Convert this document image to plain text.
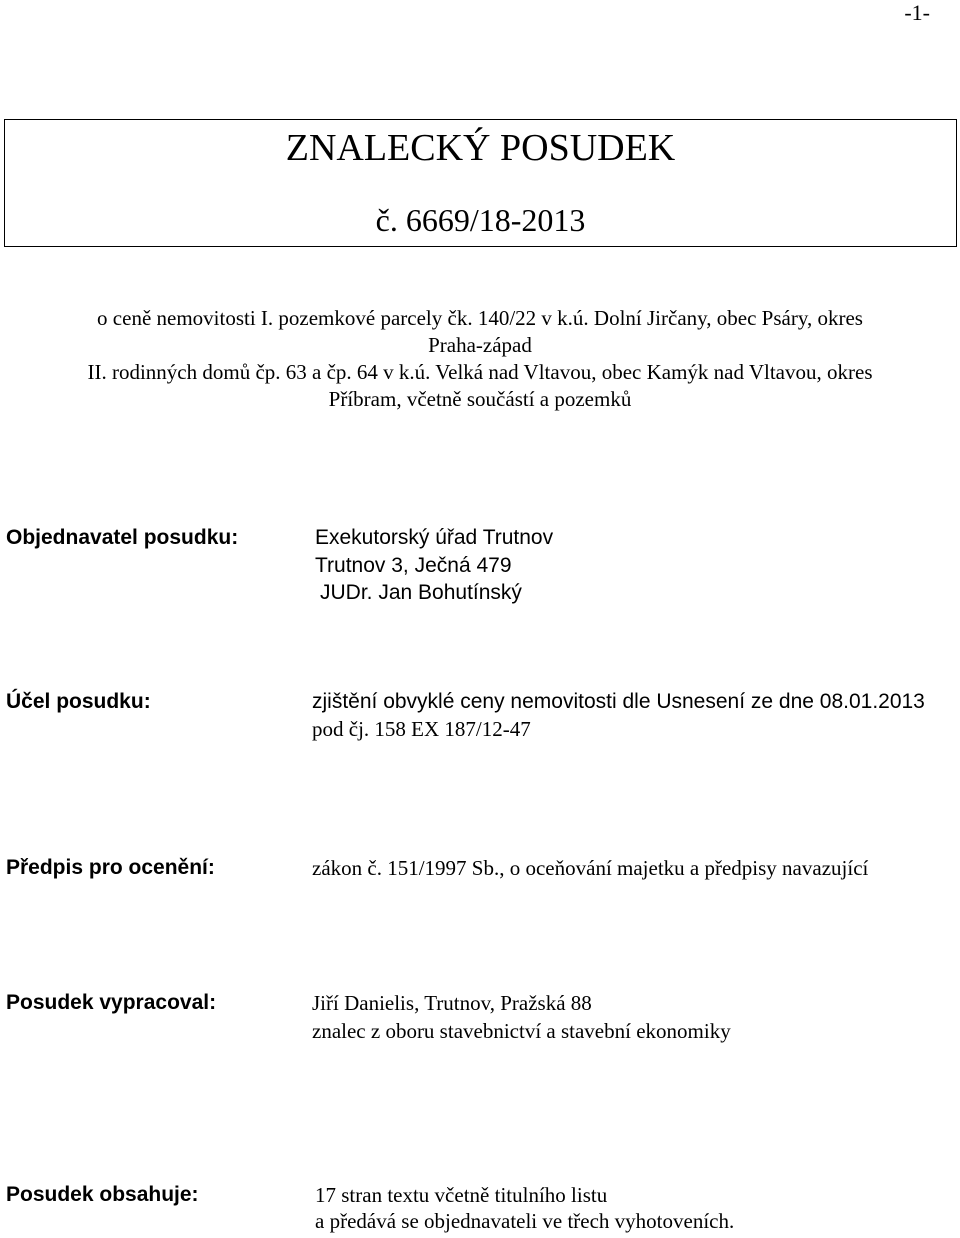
-1-
ZNALECKÝ POSUDEK
č. 6669/18-2013
o ceně nemovitosti I. pozemkové parcely čk. 140/22 v k.ú. Dolní Jirčany, obec Psáry, okres
Praha-západ
II. rodinných domů čp. 63 a čp. 64 v k.ú. Velká nad Vltavou, obec Kamýk nad Vltavou, okres
Příbram, včetně součástí a pozemků
Objednavatel posudku:	Exekutorský úřad Trutnov
Trutnov 3, Ječná 479
JUDr. Jan Bohutínský
Účel posudku:	zjištění obvyklé ceny nemovitosti dle Usnesení ze dne 08.01.2013
pod čj. 158 EX 187/12-47
Předpis pro ocenění:	zákon č. 151/1997 Sb., o oceňování majetku a předpisy navazující
Posudek vypracoval:	Jiří Danielis, Trutnov, Pražská 88
znalec z oboru stavebnictví a stavební ekonomiky
Posudek obsahuje:	17 stran textu včetně titulního listu
a předává se objednavateli ve třech vyhotoveních.
